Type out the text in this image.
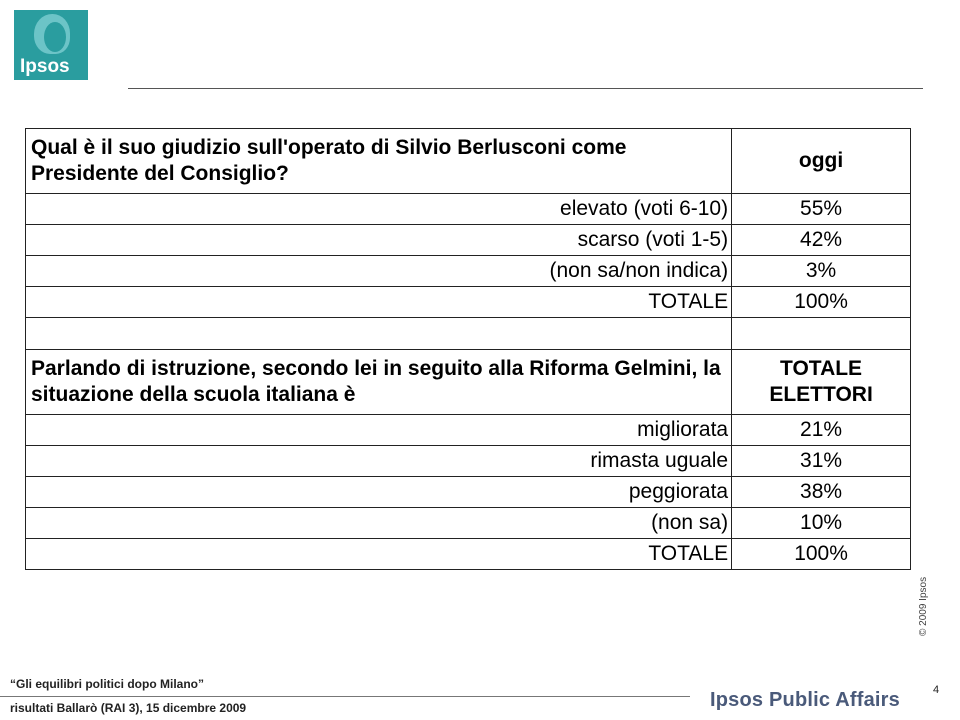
Ipsos
Qual è il suo giudizio sull'operato di Silvio Berlusconi come Presidente del Consiglio?	oggi
elevato (voti 6-10)	55%
scarso (voti 1-5)	42%
(non sa/non indica)	3%
TOTALE	100%

Parlando di istruzione, secondo lei in seguito alla Riforma Gelmini, la situazione della scuola italiana è	TOTALE ELETTORI
migliorata	21%
rimasta uguale	31%
peggiorata	38%
(non sa)	10%
TOTALE	100%
© 2009 Ipsos
4
“Gli equilibri politici dopo Milano”
risultati Ballarò (RAI 3), 15 dicembre 2009	Ipsos Public Affairs
